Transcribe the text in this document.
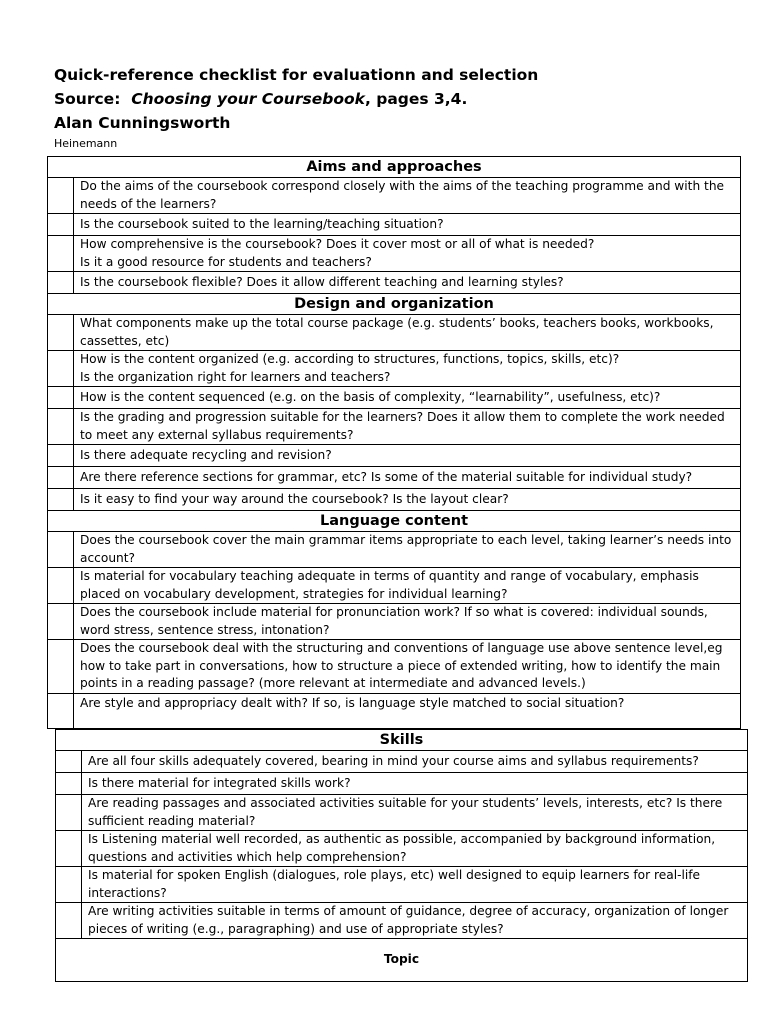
Quick-reference checklist for evaluationn and selection
Source: Choosing your Coursebook, pages 3,4.
Alan Cunningsworth
Heinemann
Aims and approaches	

	Do the aims of the coursebook correspond closely with the aims of the teaching programme and with the needs of the learners?

	Is the coursebook suited to the learning/teaching situation?

	How comprehensive is the coursebook? Does it cover most or all of what is needed?
Is it a good resource for students and teachers?

	Is the coursebook flexible? Does it allow different teaching and learning styles?

Design and organization	

	What components make up the total course package (e.g. students’ books, teachers books, workbooks, cassettes, etc)

	How is the content organized (e.g. according to structures, functions, topics, skills, etc)?
Is the organization right for learners and teachers?

	How is the content sequenced (e.g. on the basis of complexity, “learnability”, usefulness, etc)?

	Is the grading and progression suitable for the learners? Does it allow them to complete the work needed to meet any external syllabus requirements?

	Is there adequate recycling and revision?

	Are there reference sections for grammar, etc? Is some of the material suitable for individual study?

	Is it easy to find your way around the coursebook? Is the layout clear?

Language content	

	Does the coursebook cover the main grammar items appropriate to each level, taking learner’s needs into account?

	Is material for vocabulary teaching adequate in terms of quantity and range of vocabulary, emphasis placed on vocabulary development, strategies for individual learning?

	Does the coursebook include material for pronunciation work? If so what is covered: individual sounds, word stress, sentence stress, intonation?

	Does the coursebook deal with the structuring and conventions of language use above sentence level,eg how to take part in conversations, how to structure a piece of extended writing, how to identify the main points in a reading passage? (more relevant at intermediate and advanced levels.)

	Are style and appropriacy dealt with? If so, is language style matched to social situation?
Skills	

	Are all four skills adequately covered, bearing in mind your course aims and syllabus requirements?

	Is there material for integrated skills work?

	Are reading passages and associated activities suitable for your students’ levels, interests, etc? Is there sufficient reading material?

	Is Listening material well recorded, as authentic as possible, accompanied by background information, questions and activities which help comprehension?

	Is material for spoken English (dialogues, role plays, etc) well designed to equip learners for real-life interactions?

	Are writing activities suitable in terms of amount of guidance, degree of accuracy, organization of longer pieces of writing (e.g., paragraphing) and use of appropriate styles?

Topic	
